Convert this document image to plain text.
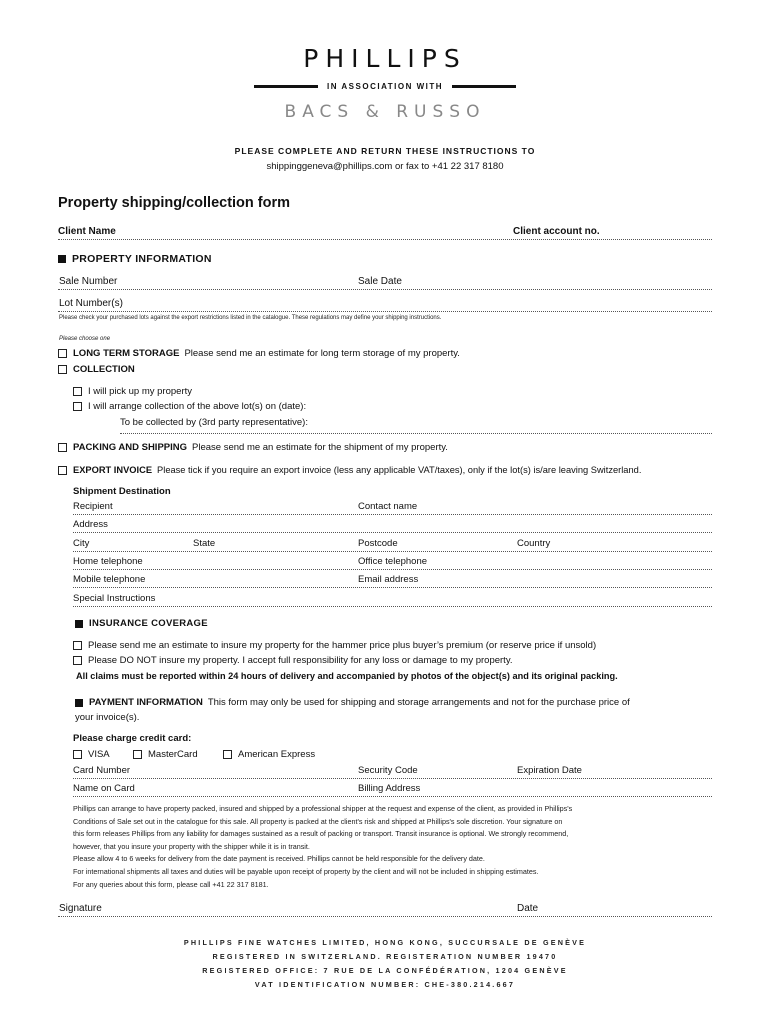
PHILLIPS
IN ASSOCIATION WITH
BACS & RUSSO
PLEASE COMPLETE AND RETURN THESE INSTRUCTIONS TO
shippinggeneva@phillips.com or fax to +41 22 317 8180
Property shipping/collection form
Client Name	Client account no.
PROPERTY INFORMATION
Sale Number	Sale Date
Lot Number(s)
Please check your purchased lots against the export restrictions listed in the catalogue. These regulations may define your shipping instructions.
Please choose one
LONG TERM STORAGE Please send me an estimate for long term storage of my property.
COLLECTION
I will pick up my property
I will arrange collection of the above lot(s) on (date):
To be collected by (3rd party representative):
PACKING AND SHIPPING Please send me an estimate for the shipment of my property.
EXPORT INVOICE Please tick if you require an export invoice (less any applicable VAT/taxes), only if the lot(s) is/are leaving Switzerland.
Shipment Destination
Recipient	Contact name
Address
City	State	Postcode	Country
Home telephone	Office telephone
Mobile telephone	Email address
Special Instructions
INSURANCE COVERAGE
Please send me an estimate to insure my property for the hammer price plus buyer’s premium (or reserve price if unsold)
Please DO NOT insure my property. I accept full responsibility for any loss or damage to my property.
All claims must be reported within 24 hours of delivery and accompanied by photos of the object(s) and its original packing.
PAYMENT INFORMATION This form may only be used for shipping and storage arrangements and not for the purchase price of
your invoice(s).
Please charge credit card:
VISA	MasterCard	American Express
Card Number	Security Code	Expiration Date
Name on Card	Billing Address
Phillips can arrange to have property packed, insured and shipped by a professional shipper at the request and expense of the client, as provided in Phillips's
Conditions of Sale set out in the catalogue for this sale. All property is packed at the client's risk and shipped at Phillips's sole discretion. Your signature on
this form releases Phillips from any liability for damages sustained as a result of packing or transport. Transit insurance is optional. We strongly recommend,
however, that you insure your property with the shipper while it is in transit.
Please allow 4 to 6 weeks for delivery from the date payment is received. Phillips cannot be held responsible for the delivery date.
For international shipments all taxes and duties will be payable upon receipt of property by the client and will not be included in shipping estimates.
For any queries about this form, please call +41 22 317 8181.
Signature	Date
PHILLIPS FINE WATCHES LIMITED, HONG KONG, SUCCURSALE DE GENÈVE
REGISTERED IN SWITZERLAND. REGISTERATION NUMBER 19470
REGISTERED OFFICE: 7 RUE DE LA CONFÉDÉRATION, 1204 GENÈVE
VAT IDENTIFICATION NUMBER: CHE-380.214.667
